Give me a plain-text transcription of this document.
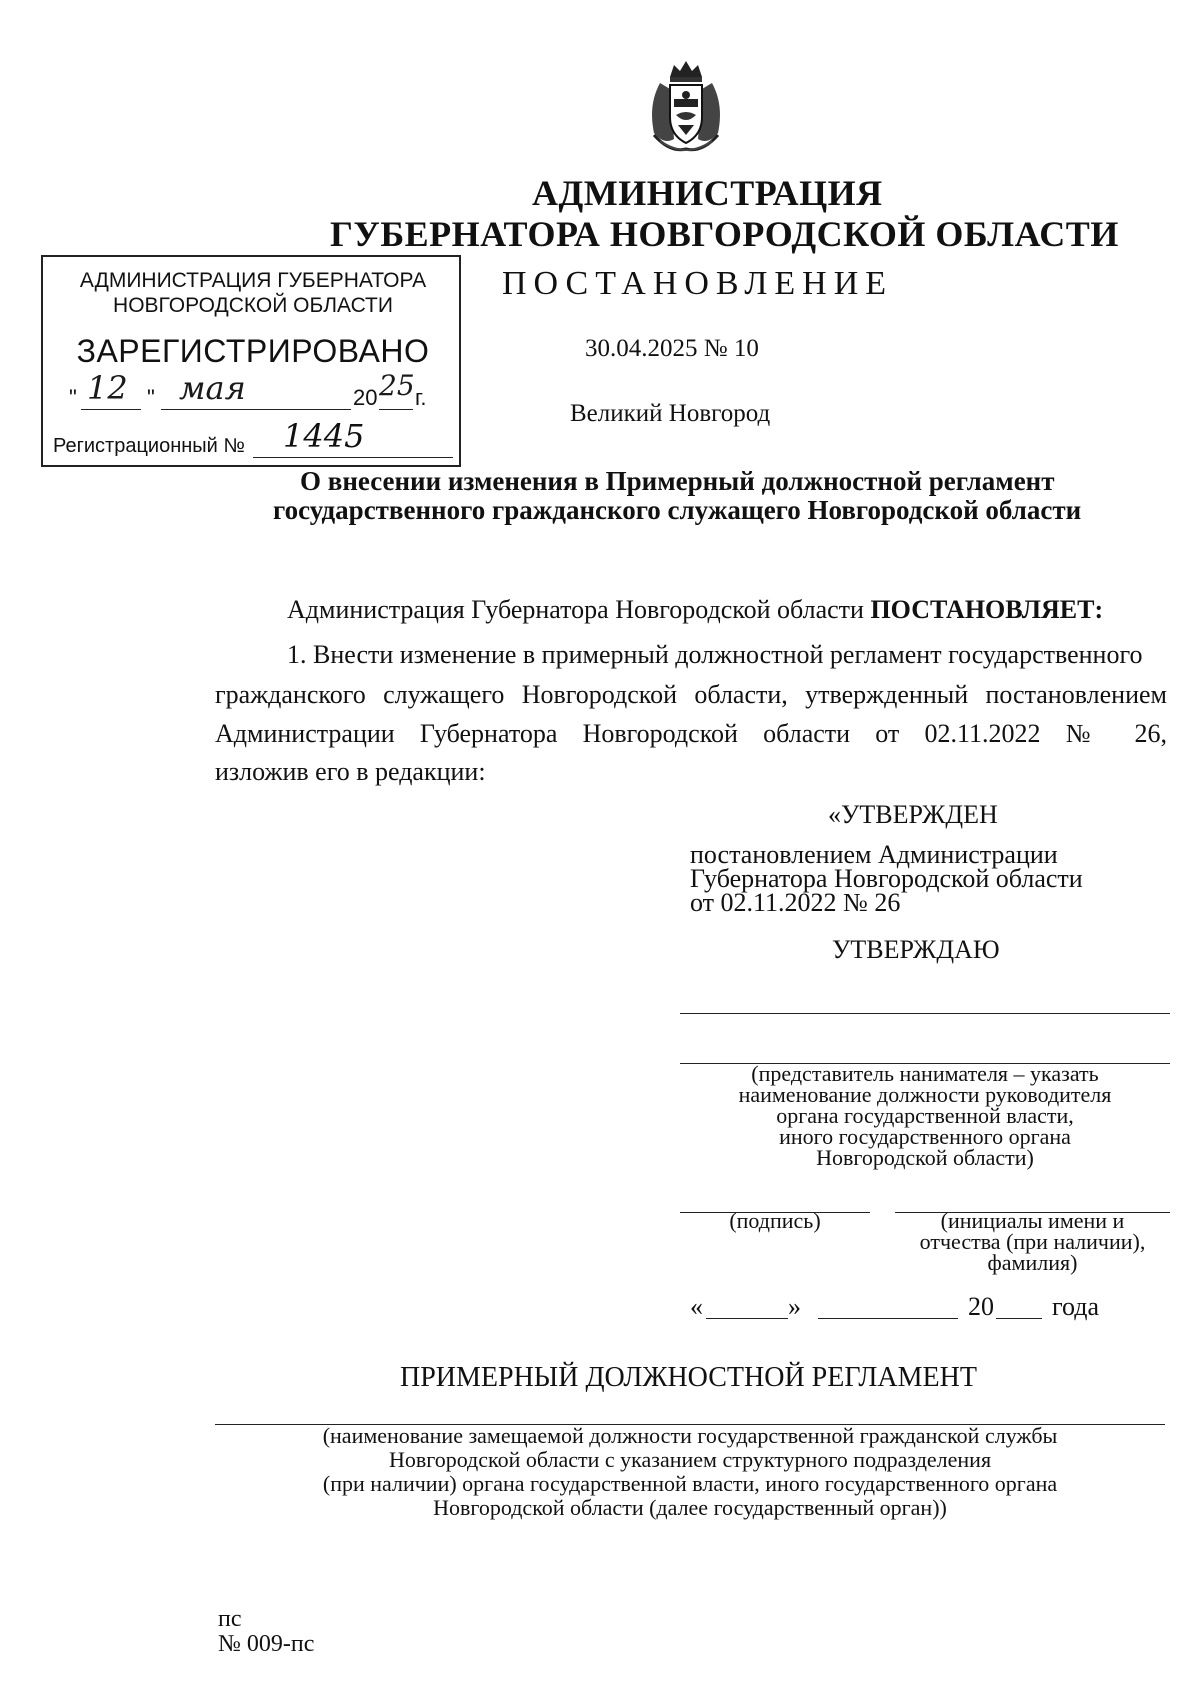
АДМИНИСТРАЦИЯ
ГУБЕРНАТОРА НОВГОРОДСКОЙ ОБЛАСТИ
ПОСТАНОВЛЕНИЕ
30.04.2025 № 10
Великий Новгород
АДМИНИСТРАЦИЯ ГУБЕРНАТОРА
НОВГОРОДСКОЙ ОБЛАСТИ
ЗАРЕГИСТРИРОВАНО
" 12 " мая	20 25 г.
Регистрационный № 1445
О внесении изменения в Примерный должностной регламент
государственного гражданского служащего Новгородской области
Администрация Губернатора Новгородской области ПОСТАНОВЛЯЕТ:
1. Внести изменение в примерный должностной регламент государственного
гражданского служащего Новгородской области, утвержденный постановлением
Администрации Губернатора Новгородской области от 02.11.2022 № 26,
изложив его в редакции:
«УТВЕРЖДЕН
постановлением Администрации
Губернатора Новгородской области
от 02.11.2022 № 26
УТВЕРЖДАЮ
(представитель нанимателя – указать
наименование должности руководителя
органа государственной власти,
иного государственного органа
Новгородской области)
(подпись)	(инициалы имени и
отчества (при наличии),
фамилия)
«	»	20 года
ПРИМЕРНЫЙ ДОЛЖНОСТНОЙ РЕГЛАМЕНТ
(наименование замещаемой должности государственной гражданской службы
Новгородской области с указанием структурного подразделения
(при наличии) органа государственной власти, иного государственного органа
Новгородской области (далее государственный орган))
пс
№ 009-пс
